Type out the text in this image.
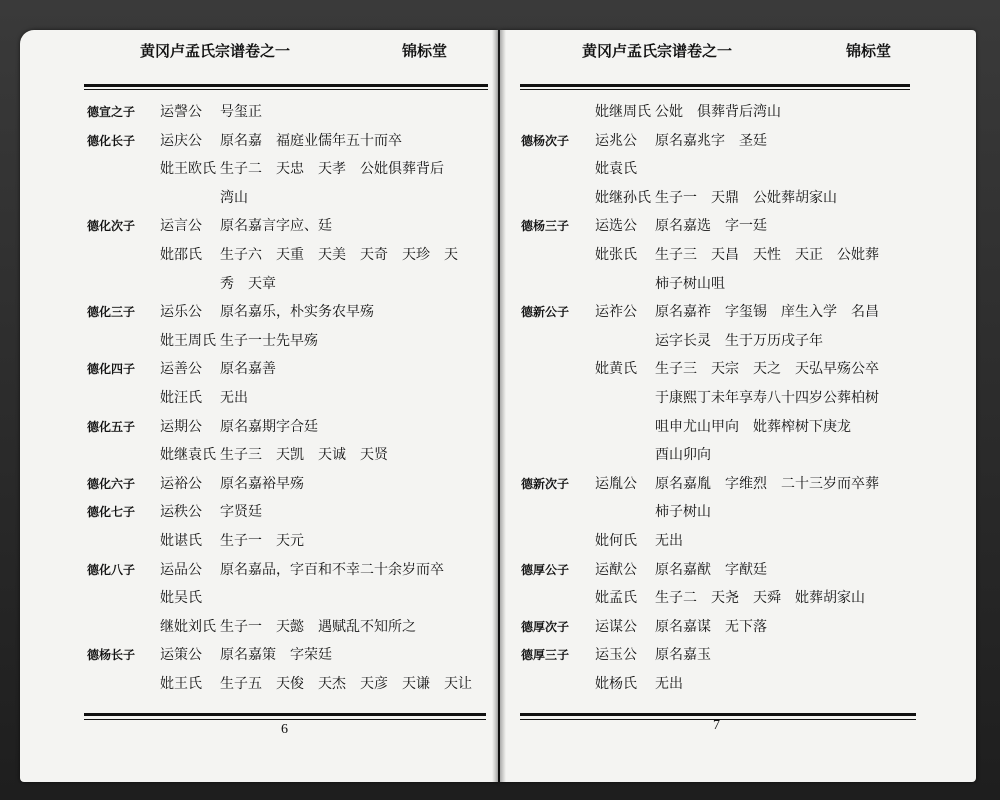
黄冈卢孟氏宗谱卷之一	锦标堂	黄冈卢孟氏宗谱卷之一	锦标堂
德宣之子 运謦公 号玺正
德化长子 运庆公 原名嘉　福庭业儒年五十而卒
妣王欧氏 生子二　天忠　天孝　公妣俱葬背后
湾山
德化次子 运言公 原名嘉言字应、廷
妣邵氏 生子六　天重　天美　天奇　天珍　天
秀　天章
德化三子 运乐公 原名嘉乐，朴实务农早殇
妣王周氏 生子一士先早殇
德化四子 运善公 原名嘉善
妣汪氏 无出
德化五子 运期公 原名嘉期字合廷
妣继袁氏 生子三　天凯　天诚　天贤
德化六子 运裕公 原名嘉裕早殇
德化七子 运秩公 字贤廷
妣谌氏 生子一　天元
德化八子 运品公 原名嘉品，字百和不幸二十余岁而卒
妣吴氏
继妣刘氏 生子一　天懿　遇赋乱不知所之
德杨长子 运策公 原名嘉策　字荣廷
妣王氏 生子五　天俊　天杰　天彦　天谦　天让
妣继周氏 公妣　俱葬背后湾山
德杨次子 运兆公 原名嘉兆字　圣廷
妣袁氏
妣继孙氏 生子一　天鼎　公妣葬胡家山
德杨三子 运选公 原名嘉选　字一廷
妣张氏 生子三　天昌　天性　天正　公妣葬
柿子树山咀
德新公子 运祚公 原名嘉祚　字玺锡　庠生入学　名昌
运字长灵　生于万历戌子年
妣黄氏 生子三　天宗　天之　天弘早殇公卒
于康熙丁未年享寿八十四岁公葬柏树
咀申尤山甲向　妣葬榨树下庚龙
酉山卯向
德新次子 运胤公 原名嘉胤　字维烈　二十三岁而卒葬
柿子树山
妣何氏 无出
德厚公子 运猷公 原名嘉猷　字猷廷
妣孟氏 生子二　天尧　天舜　妣葬胡家山
德厚次子 运谋公 原名嘉谋　无下落
德厚三子 运玉公 原名嘉玉
妣杨氏 无出
6	7
